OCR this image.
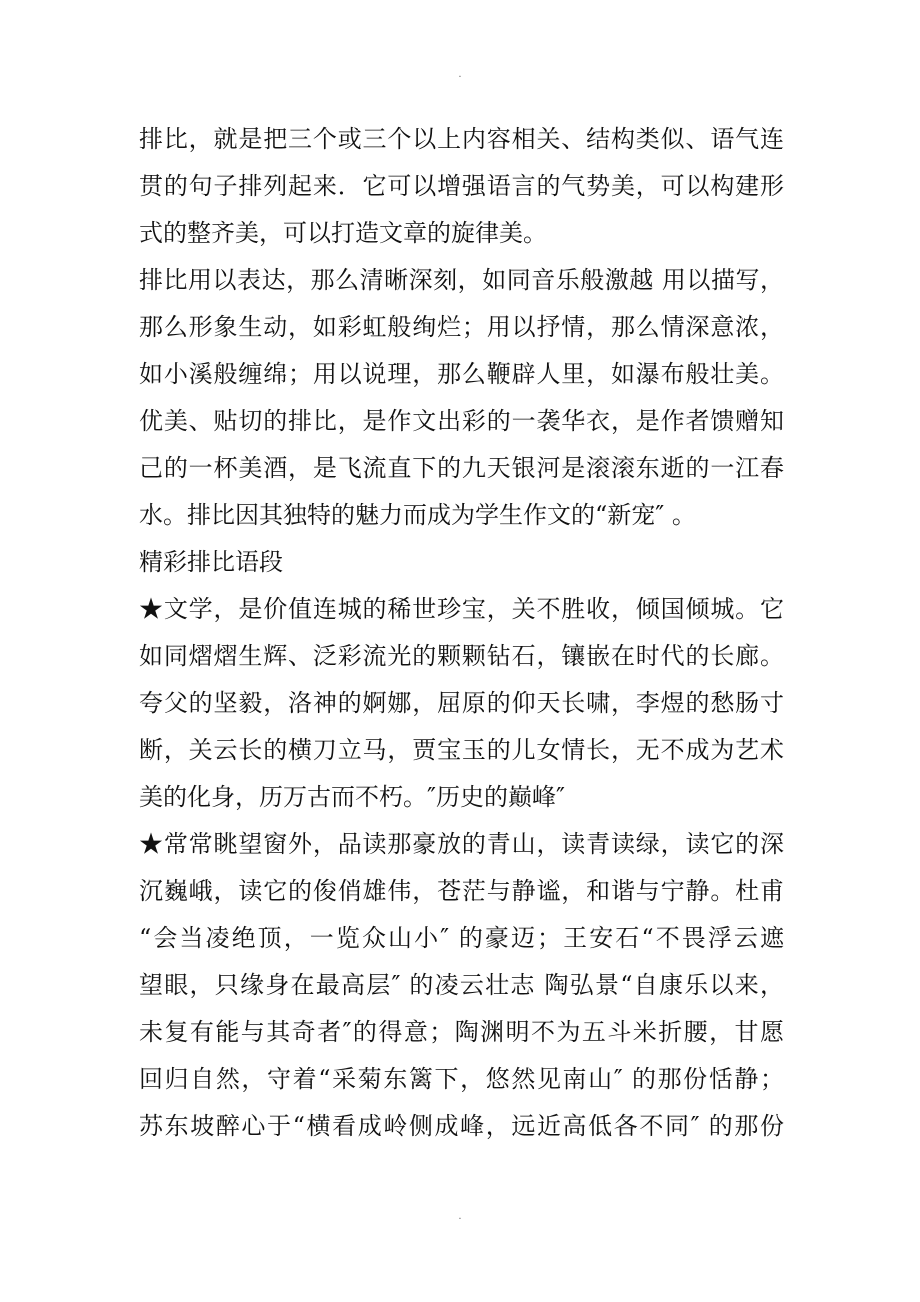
.
排比，就是把三个或三个以上内容相关、结构类似、语气连
贯的句子排列起来．它可以增强语言的气势美，可以构建形
式的整齐美，可以打造文章的旋律美。
排比用以表达，那么清晰深刻，如同音乐般激越 用以描写，
那么形象生动，如彩虹般绚烂；用以抒情，那么情深意浓，
如小溪般缠绵；用以说理，那么鞭辟人里，如瀑布般壮美。
优美、贴切的排比，是作文出彩的一袭华衣，是作者馈赠知
己的一杯美酒，是飞流直下的九天银河是滚滚东逝的一江春
水。排比因其独特的魅力而成为学生作文的“新宠″ 。
精彩排比语段
★文学，是价值连城的稀世珍宝，关不胜收，倾国倾城。它
如同熠熠生辉、泛彩流光的颗颗钻石，镶嵌在时代的长廊。
夸父的坚毅，洛神的婀娜，屈原的仰天长啸，李煜的愁肠寸
断，关云长的横刀立马，贾宝玉的儿女情长，无不成为艺术
美的化身，历万古而不朽。″历史的巅峰″
★常常眺望窗外，品读那豪放的青山，读青读绿，读它的深
沉巍峨，读它的俊俏雄伟，苍茫与静谧，和谐与宁静。杜甫
“会当凌绝顶，一览众山小″ 的豪迈；王安石“不畏浮云遮
望眼，只缘身在最高层″ 的凌云壮志 陶弘景“自康乐以来，
未复有能与其奇者″的得意；陶渊明不为五斗米折腰，甘愿
回归自然，守着“采菊东篱下，悠然见南山″ 的那份恬静；
苏东坡醉心于“横看成岭侧成峰，远近高低各不同″ 的那份
.
